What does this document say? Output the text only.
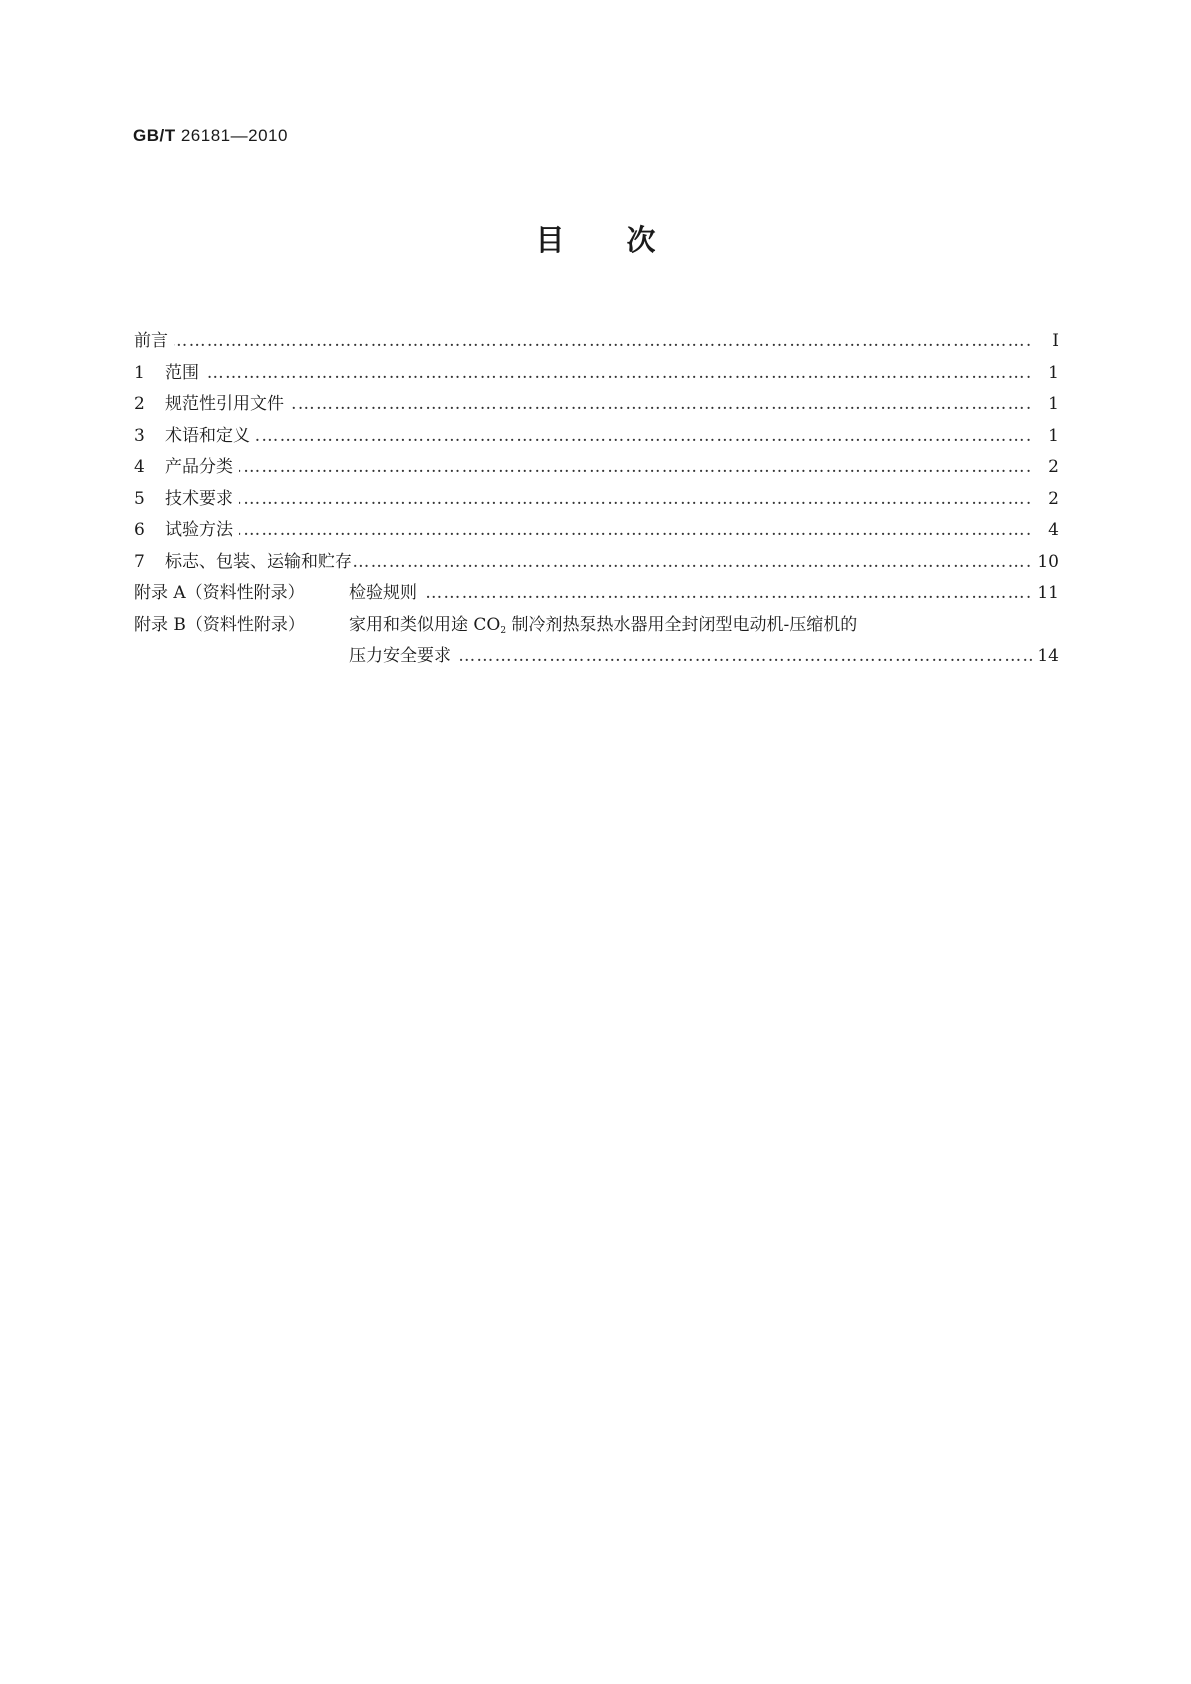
GB/T 26181—2010
目 次
前言 ………………………………………………………………………………………………………………………………………………………………………………………………………………………………………………………………	Ⅰ
1 范围 ………………………………………………………………………………………………………………………………………………………………………………………………………………………………………………………………	1
2 规范性引用文件 ………………………………………………………………………………………………………………………………………………………………………………………………………………………………………………………………	1
3 术语和定义 ………………………………………………………………………………………………………………………………………………………………………………………………………………………………………………………………	1
4 产品分类 ………………………………………………………………………………………………………………………………………………………………………………………………………………………………………………………………	2
5 技术要求 ………………………………………………………………………………………………………………………………………………………………………………………………………………………………………………………………	2
6 试验方法 ………………………………………………………………………………………………………………………………………………………………………………………………………………………………………………………………	4
7 标志、包装、运输和贮存 ………………………………………………………………………………………………………………………………………………………………………………………………………………………………………………………………	10
附录 A（资料性附录）	检验规则 ………………………………………………………………………………………………………………………………………………………………………………………………………………………………………………………………	11
附录 B（资料性附录）	家用和类似用途 $CO_2$ 制冷剂热泵热水器用全封闭型电动机-压缩机的
压力安全要求 ………………………………………………………………………………………………………………………………………………………………………………………………………………………………………………………………	14
